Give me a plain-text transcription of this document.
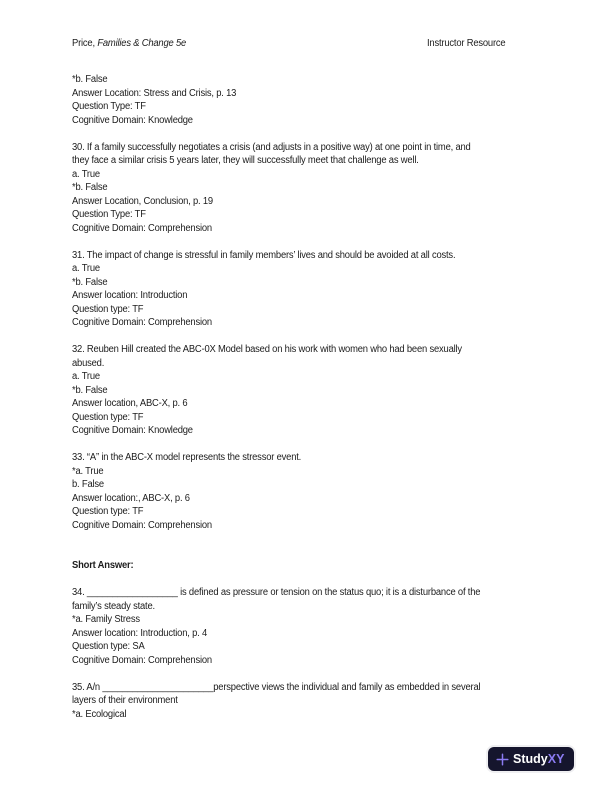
Price, Families & Change 5e	Instructor Resource
*b. False
Answer Location: Stress and Crisis, p. 13
Question Type: TF
Cognitive Domain: Knowledge
30. If a family successfully negotiates a crisis (and adjusts in a positive way) at one point in time, and
they face a similar crisis 5 years later, they will successfully meet that challenge as well.
a. True
*b. False
Answer Location, Conclusion, p. 19
Question Type: TF
Cognitive Domain: Comprehension
31. The impact of change is stressful in family members’ lives and should be avoided at all costs.
a. True
*b. False
Answer location: Introduction
Question type: TF
Cognitive Domain: Comprehension
32. Reuben Hill created the ABC-0X Model based on his work with women who had been sexually
abused.
a. True
*b. False
Answer location, ABC-X, p. 6
Question type: TF
Cognitive Domain: Knowledge
33. “A” in the ABC-X model represents the stressor event.
*a. True
b. False
Answer location:, ABC-X, p. 6
Question type: TF
Cognitive Domain: Comprehension
Short Answer:
34. __________________ is defined as pressure or tension on the status quo; it is a disturbance of the
family’s steady state.
*a. Family Stress
Answer location: Introduction, p. 4
Question type: SA
Cognitive Domain: Comprehension
35. A/n ______________________perspective views the individual and family as embedded in several
layers of their environment
*a. Ecological
Study XY
